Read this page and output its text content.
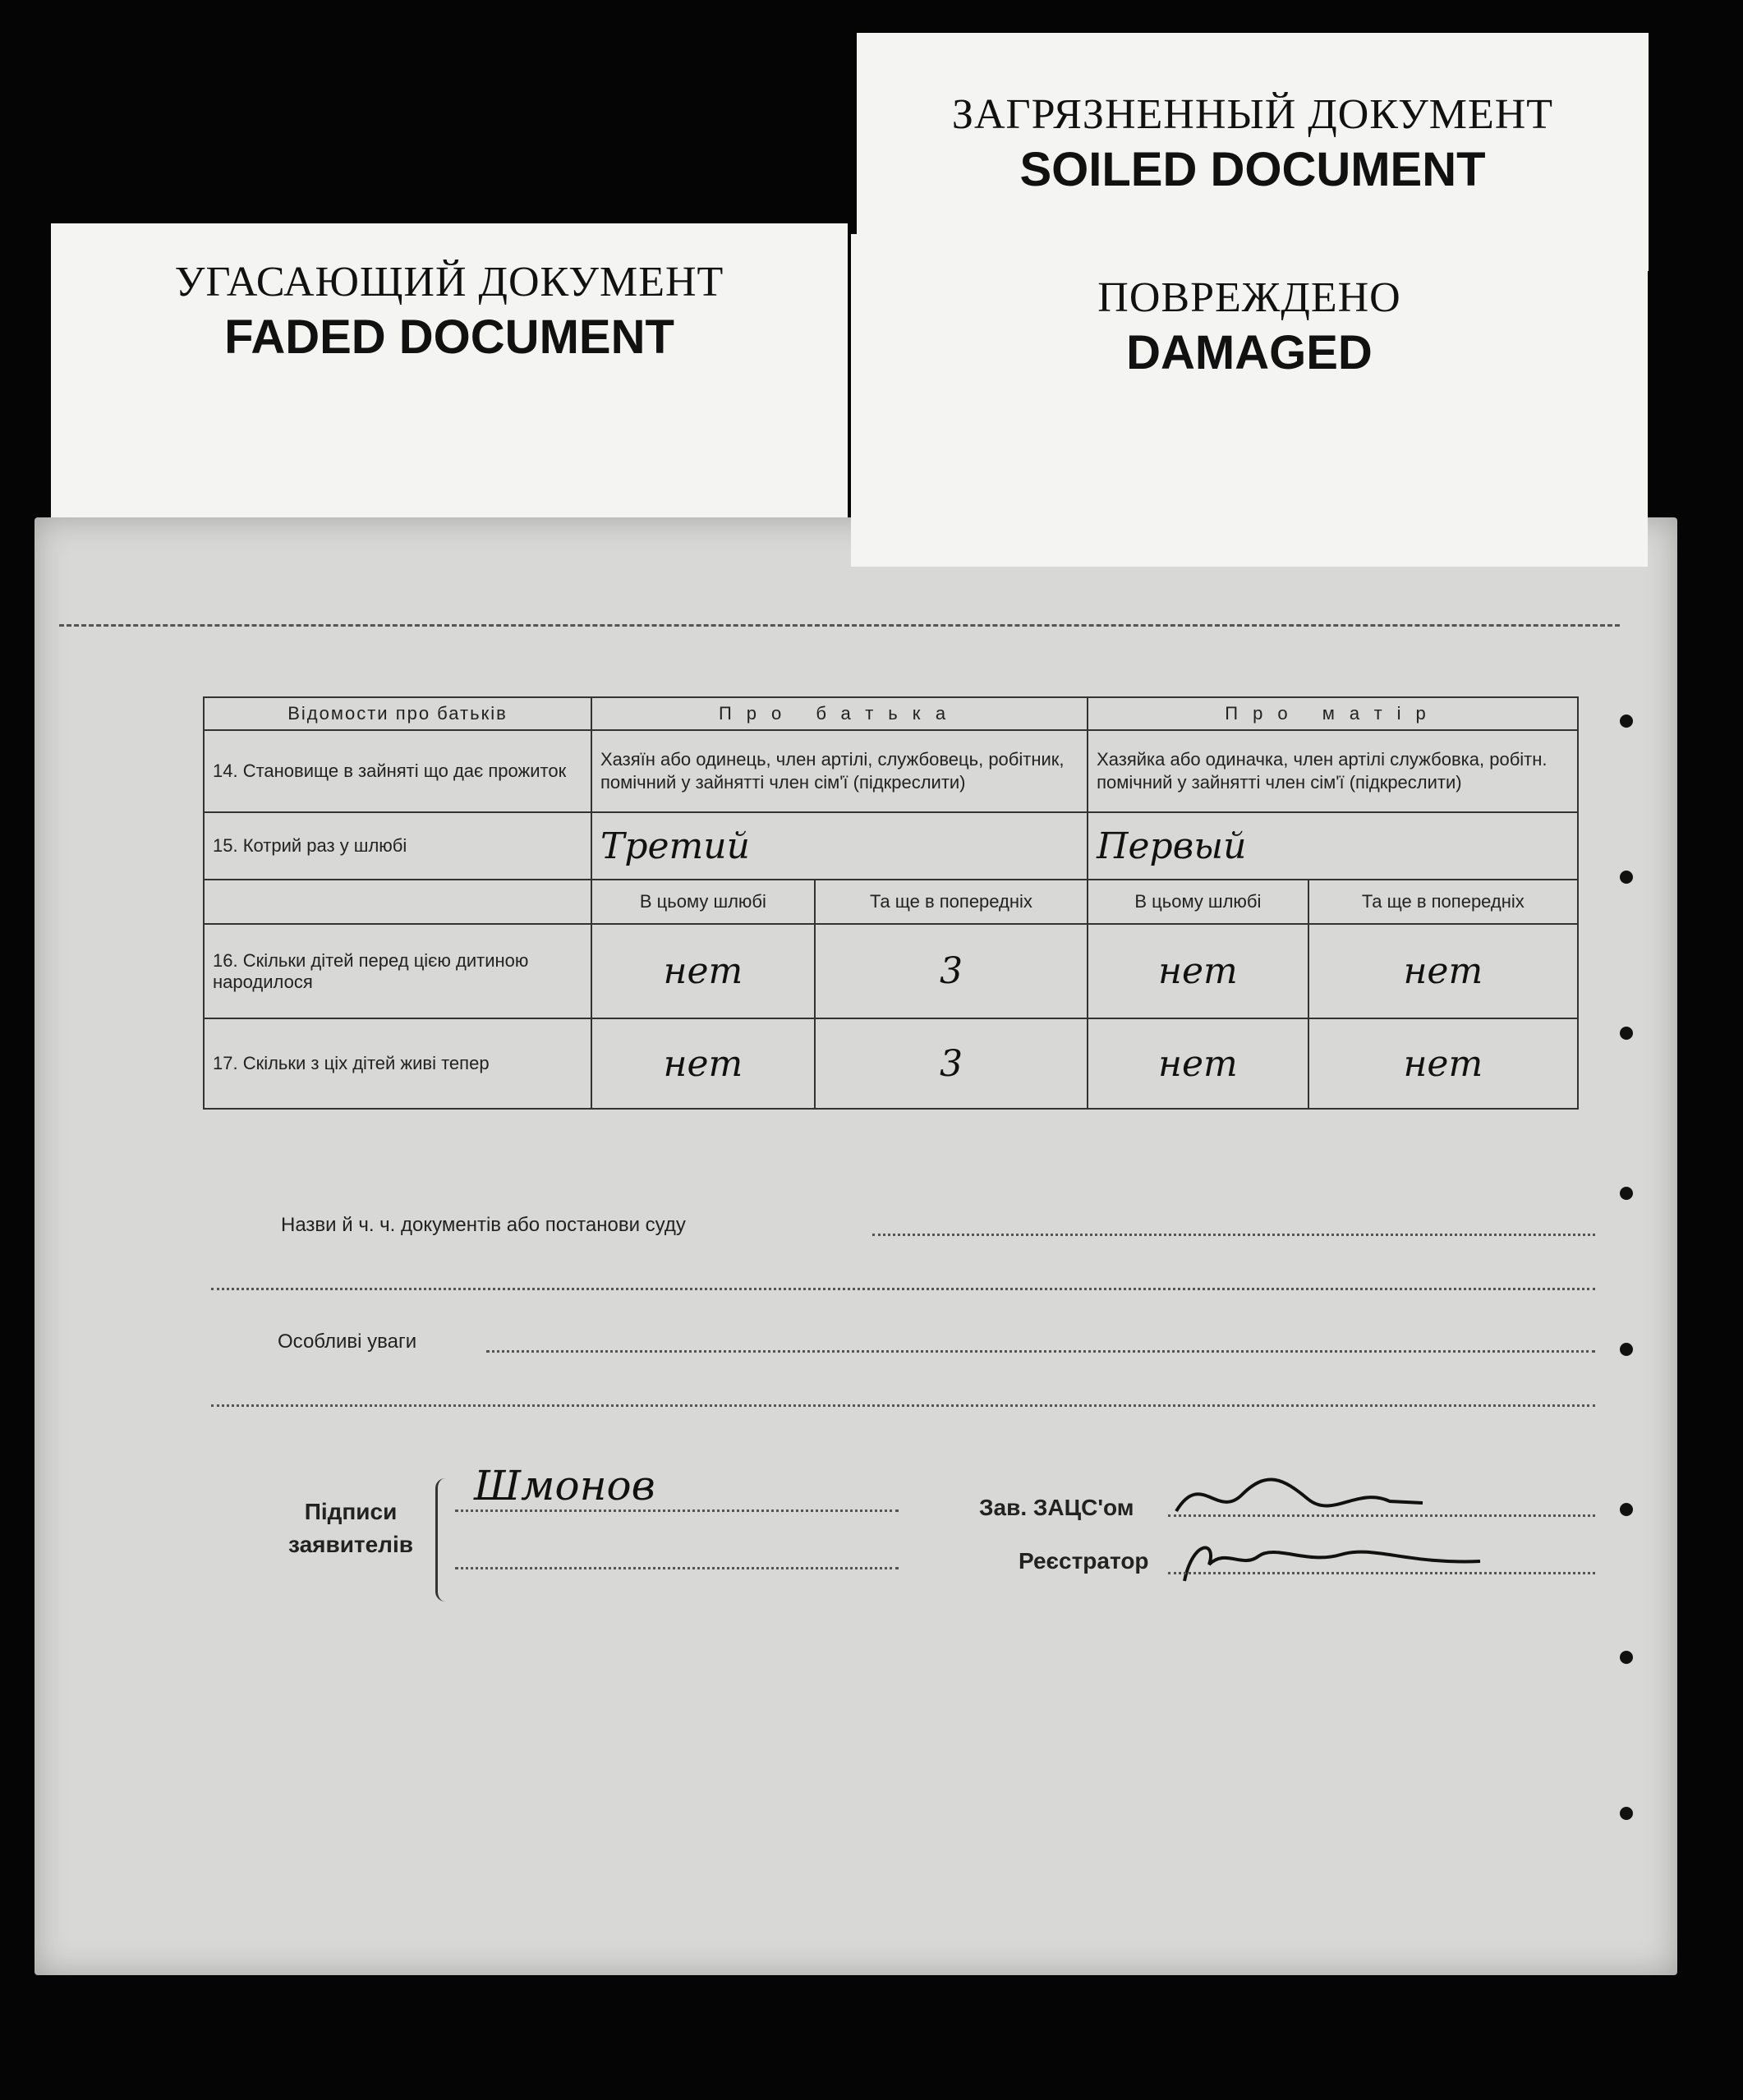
УГАСАЮЩИЙ ДОКУМЕНТ
FADED DOCUMENT
ПОВРЕЖДЕНО
DAMAGED
ЗАГРЯЗНЕННЫЙ ДОКУМЕНТ
SOILED DOCUMENT
Відомости про батьків	Про батька		Про матір	
14. Становище в зайняті що дає прожиток	Хазяїн або одинець, член артілі, службовець, робітник, помічний у зайнятті член сім'ї (підкреслити)		Хазяйка або одиначка, член артілі службовка, робітн. помічний у зайнятті член сім'ї (підкреслити)	
15. Котрий раз у шлюбі	Третий		Первый	
	В цьому шлюбі	Та ще в попередніх	В цьому шлюбі	Та ще в попередніх
16. Скільки дітей перед цією дитиною народилося	нет	3	нет	нет
17. Скільки з ціх дітей живі тепер	нет	3	нет	нет
Назви й ч. ч. документів або постанови суду
Особливі уваги
Підписи
заявителів
Шмонов	Зав. ЗАЦС'ом
Реєстратор
